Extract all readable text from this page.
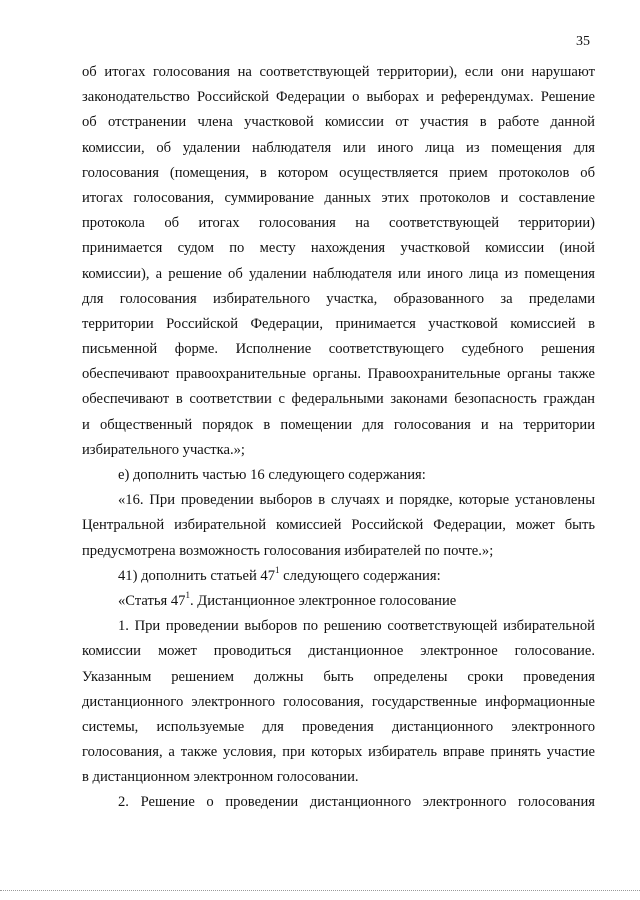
35
об итогах голосования на соответствующей территории), если они нарушают
законодательство Российской Федерации о выборах и референдумах. Решение
об отстранении члена участковой комиссии от участия в работе данной
комиссии, об удалении наблюдателя или иного лица из помещения для
голосования (помещения, в котором осуществляется прием протоколов об
итогах голосования, суммирование данных этих протоколов и составление
протокола об итогах голосования на соответствующей территории)
принимается судом по месту нахождения участковой комиссии (иной
комиссии), а решение об удалении наблюдателя или иного лица из помещения
для голосования избирательного участка, образованного за пределами
территории Российской Федерации, принимается участковой комиссией в
письменной форме. Исполнение соответствующего судебного решения
обеспечивают правоохранительные органы. Правоохранительные органы также
обеспечивают в соответствии с федеральными законами безопасность граждан
и общественный порядок в помещении для голосования и на территории
избирательного участка.»;
е) дополнить частью 16 следующего содержания:
«16. При проведении выборов в случаях и порядке, которые установлены
Центральной избирательной комиссией Российской Федерации, может быть
предусмотрена возможность голосования избирателей по почте.»;
41) дополнить статьей $47^1$ следующего содержания:
«Статья $47^1$. Дистанционное электронное голосование
1. При проведении выборов по решению соответствующей избирательной
комиссии может проводиться дистанционное электронное голосование.
Указанным решением должны быть определены сроки проведения
дистанционного электронного голосования, государственные информационные
системы, используемые для проведения дистанционного электронного
голосования, а также условия, при которых избиратель вправе принять участие
в дистанционном электронном голосовании.
2. Решение о проведении дистанционного электронного голосования
